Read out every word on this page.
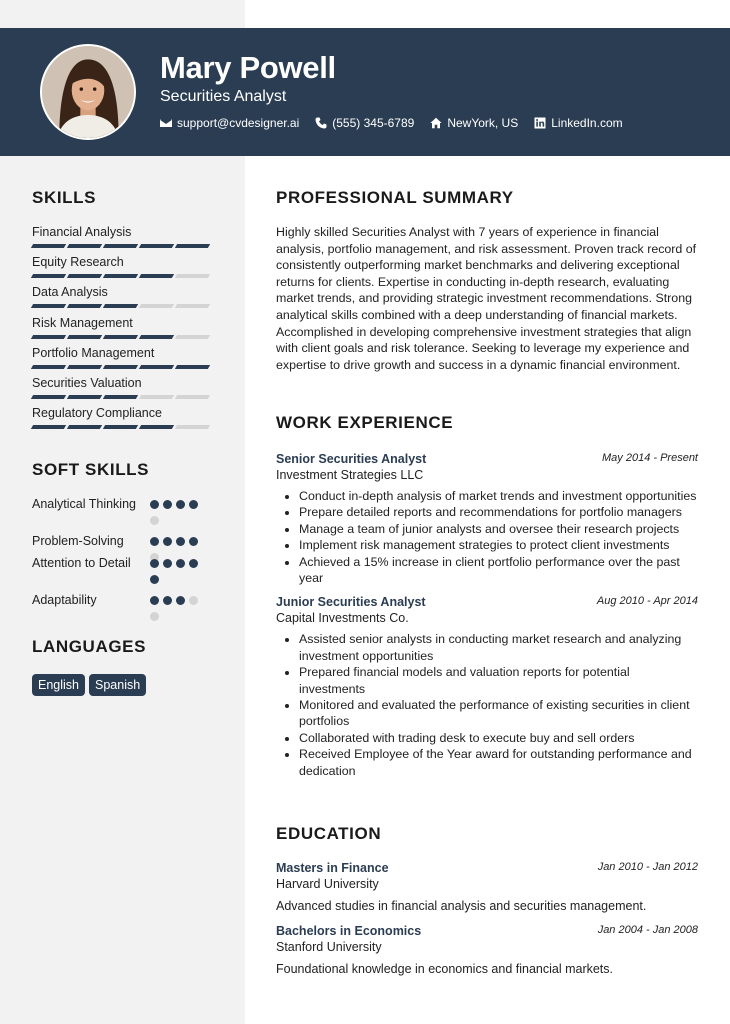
Mary Powell
Securities Analyst
support@cvdesigner.ai	(555) 345-6789	NewYork, US	LinkedIn.com
SKILLS
Financial Analysis
Equity Research
Data Analysis
Risk Management
Portfolio Management
Securities Valuation
Regulatory Compliance
SOFT SKILLS
Analytical Thinking
Problem-Solving
Attention to Detail
Adaptability
LANGUAGES
English	Spanish
PROFESSIONAL SUMMARY
Highly skilled Securities Analyst with 7 years of experience in financial analysis, portfolio management, and risk assessment. Proven track record of consistently outperforming market benchmarks and delivering exceptional returns for clients. Expertise in conducting in-depth research, evaluating market trends, and providing strategic investment recommendations. Strong analytical skills combined with a deep understanding of financial markets. Accomplished in developing comprehensive investment strategies that align with client goals and risk tolerance. Seeking to leverage my experience and expertise to drive growth and success in a dynamic financial environment.
WORK EXPERIENCE
Senior Securities Analyst	May 2014 - Present
Investment Strategies LLC
• Conduct in-depth analysis of market trends and investment opportunities
• Prepare detailed reports and recommendations for portfolio managers
• Manage a team of junior analysts and oversee their research projects
• Implement risk management strategies to protect client investments
• Achieved a 15% increase in client portfolio performance over the past year
Junior Securities Analyst	Aug 2010 - Apr 2014
Capital Investments Co.
• Assisted senior analysts in conducting market research and analyzing investment opportunities
• Prepared financial models and valuation reports for potential investments
• Monitored and evaluated the performance of existing securities in client portfolios
• Collaborated with trading desk to execute buy and sell orders
• Received Employee of the Year award for outstanding performance and dedication
EDUCATION
Masters in Finance	Jan 2010 - Jan 2012
Harvard University
Advanced studies in financial analysis and securities management.
Bachelors in Economics	Jan 2004 - Jan 2008
Stanford University
Foundational knowledge in economics and financial markets.
